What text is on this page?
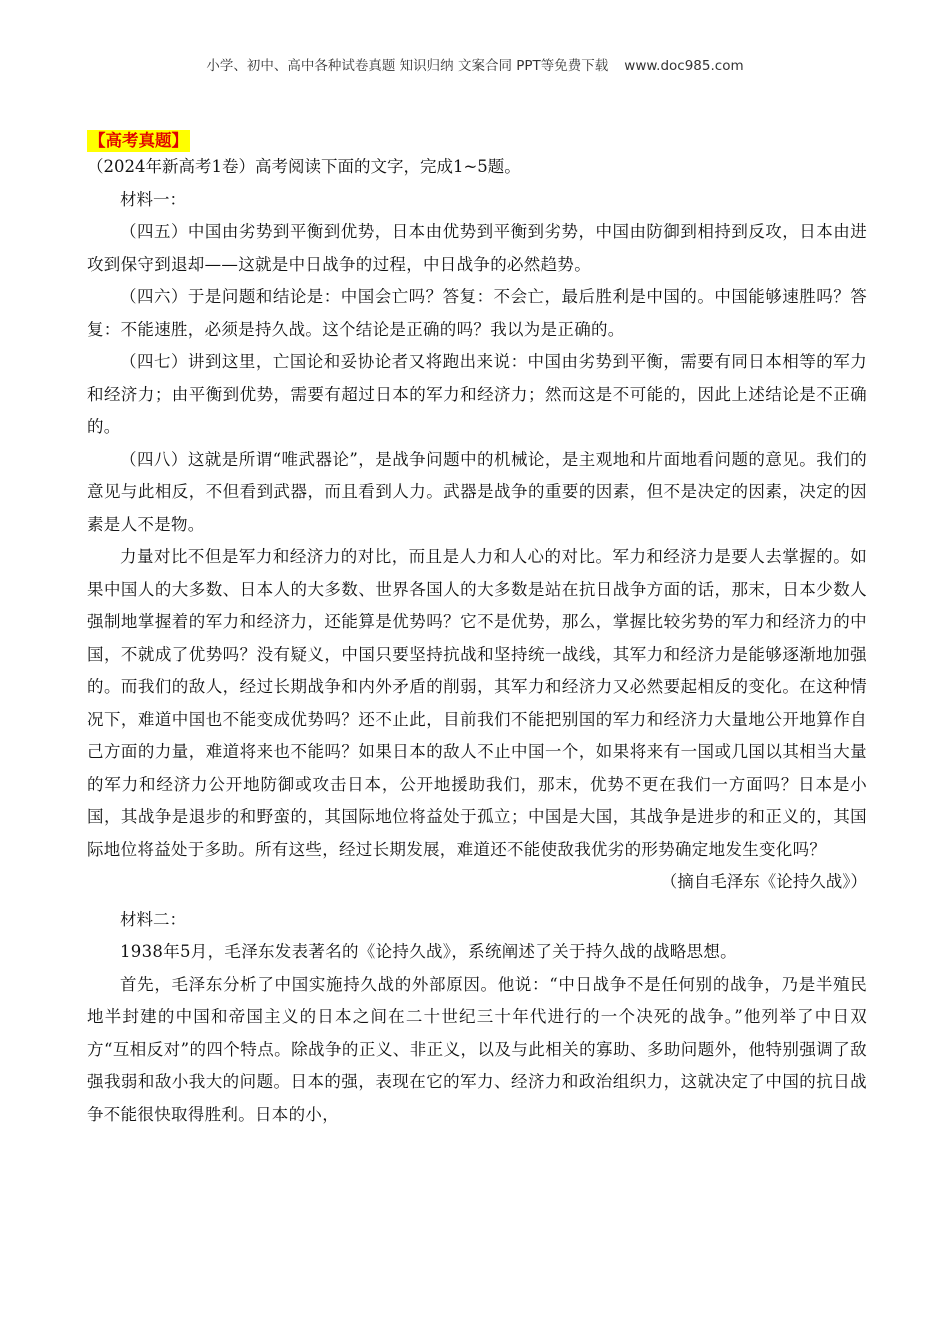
小学、初中、高中各种试卷真题 知识归纳 文案合同 PPT等免费下载 www.doc985.com
【高考真题】
（2024年新高考1卷）高考阅读下面的文字，完成1~5题。
材料一：

（四五）中国由劣势到平衡到优势，日本由优势到平衡到劣势，中国由防御到相持到反攻，日本由进攻到保守到退却——这就是中日战争的过程，中日战争的必然趋势。

（四六）于是问题和结论是：中国会亡吗？答复：不会亡，最后胜利是中国的。中国能够速胜吗？答复：不能速胜，必须是持久战。这个结论是正确的吗？我以为是正确的。

（四七）讲到这里，亡国论和妥协论者又将跑出来说：中国由劣势到平衡，需要有同日本相等的军力和经济力；由平衡到优势，需要有超过日本的军力和经济力；然而这是不可能的，因此上述结论是不正确的。

（四八）这就是所谓“唯武器论”，是战争问题中的机械论，是主观地和片面地看问题的意见。我们的意见与此相反，不但看到武器，而且看到人力。武器是战争的重要的因素，但不是决定的因素，决定的因素是人不是物。

力量对比不但是军力和经济力的对比，而且是人力和人心的对比。军力和经济力是要人去掌握的。如果中国人的大多数、日本人的大多数、世界各国人的大多数是站在抗日战争方面的话，那末，日本少数人强制地掌握着的军力和经济力，还能算是优势吗？它不是优势，那么，掌握比较劣势的军力和经济力的中国，不就成了优势吗？没有疑义，中国只要坚持抗战和坚持统一战线，其军力和经济力是能够逐渐地加强的。而我们的敌人，经过长期战争和内外矛盾的削弱，其军力和经济力又必然要起相反的变化。在这种情况下，难道中国也不能变成优势吗？还不止此，目前我们不能把别国的军力和经济力大量地公开地算作自己方面的力量，难道将来也不能吗？如果日本的敌人不止中国一个，如果将来有一国或几国以其相当大量的军力和经济力公开地防御或攻击日本，公开地援助我们，那末，优势不更在我们一方面吗？日本是小国，其战争是退步的和野蛮的，其国际地位将益处于孤立；中国是大国，其战争是进步的和正义的，其国际地位将益处于多助。所有这些，经过长期发展，难道还不能使敌我优劣的形势确定地发生变化吗？

（摘自毛泽东《论持久战》）

材料二：

1938年5月，毛泽东发表著名的《论持久战》，系统阐述了关于持久战的战略思想。

首先，毛泽东分析了中国实施持久战的外部原因。他说：“中日战争不是任何别的战争，乃是半殖民地半封建的中国和帝国主义的日本之间在二十世纪三十年代进行的一个决死的战争。”他列举了中日双方“互相反对”的四个特点。除战争的正义、非正义，以及与此相关的寡助、多助问题外，他特别强调了敌强我弱和敌小我大的问题。日本的强，表现在它的军力、经济力和政治组织力，这就决定了中国的抗日战争不能很快取得胜利。日本的小，
